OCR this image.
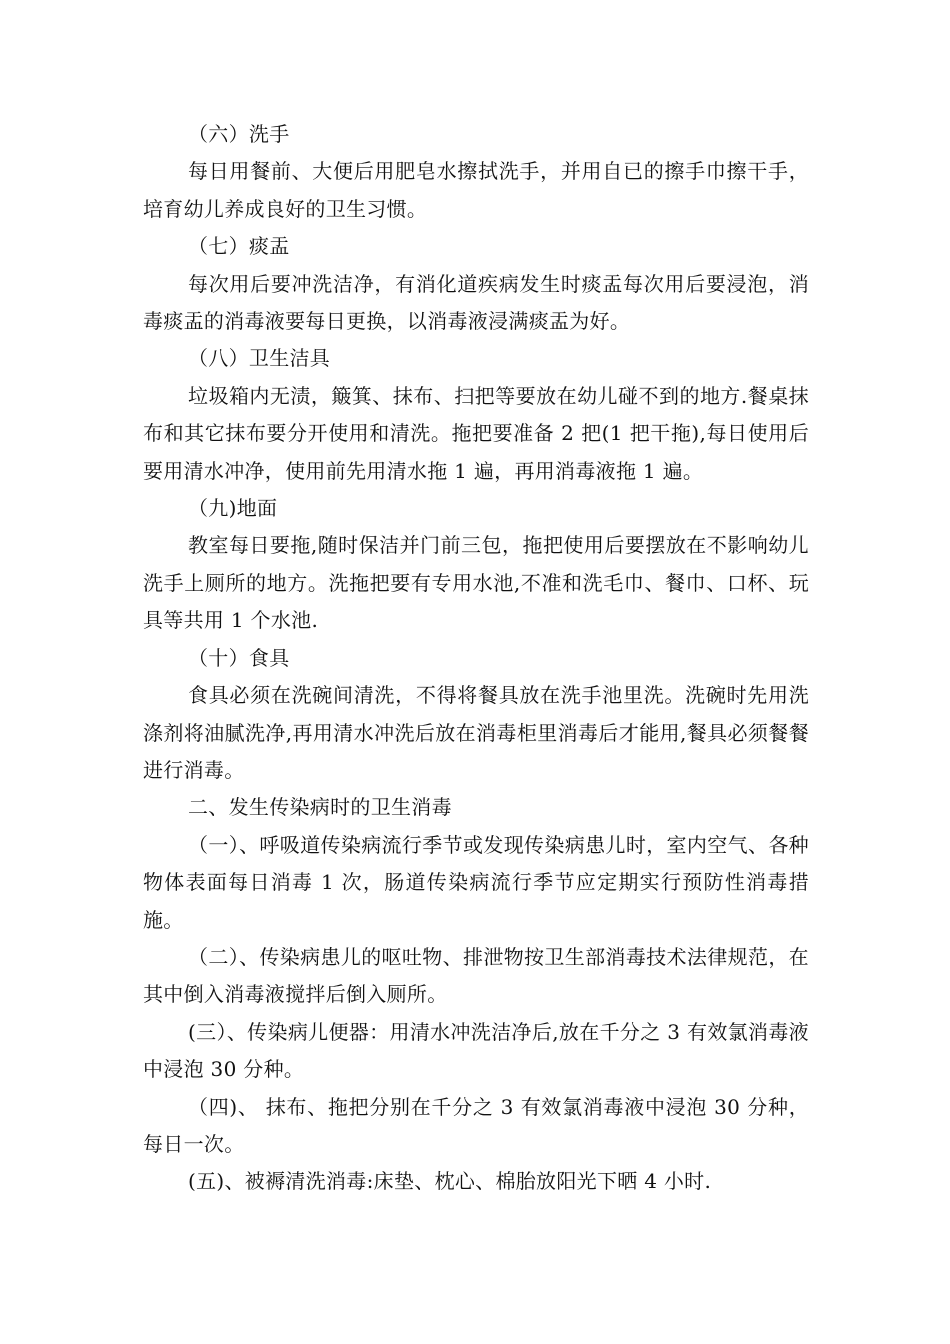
（六）洗手

每日用餐前、大便后用肥皂水擦拭洗手，并用自已的擦手巾擦干手，培育幼儿养成良好的卫生习惯。

（七）痰盂

每次用后要冲洗洁净，有消化道疾病发生时痰盂每次用后要浸泡，消毒痰盂的消毒液要每日更换，以消毒液浸满痰盂为好。

（八）卫生洁具

垃圾箱内无渍，簸箕、抹布、扫把等要放在幼儿碰不到的地方.餐桌抹布和其它抹布要分开使用和清洗。拖把要准备 2 把(1 把干拖),每日使用后要用清水冲净，使用前先用清水拖 1 遍，再用消毒液拖 1 遍。

（九)地面

教室每日要拖,随时保洁并门前三包，拖把使用后要摆放在不影响幼儿洗手上厕所的地方。洗拖把要有专用水池,不准和洗毛巾、餐巾、口杯、玩具等共用 1 个水池.

（十）食具

食具必须在洗碗间清洗，不得将餐具放在洗手池里洗。洗碗时先用洗涤剂将油腻洗净,再用清水冲洗后放在消毒柜里消毒后才能用,餐具必须餐餐进行消毒。

二、发生传染病时的卫生消毒

（一）、呼吸道传染病流行季节或发现传染病患儿时，室内空气、各种物体表面每日消毒 1 次，肠道传染病流行季节应定期实行预防性消毒措施。

（二）、传染病患儿的呕吐物、排泄物按卫生部消毒技术法律规范，在其中倒入消毒液搅拌后倒入厕所。

(三）、传染病儿便器：用清水冲洗洁净后,放在千分之 3 有效氯消毒液中浸泡 30 分种。

（四)、 抹布、拖把分别在千分之 3 有效氯消毒液中浸泡 30 分种，每日一次。

(五)、被褥清洗消毒:床垫、枕心、棉胎放阳光下晒 4 小时.
